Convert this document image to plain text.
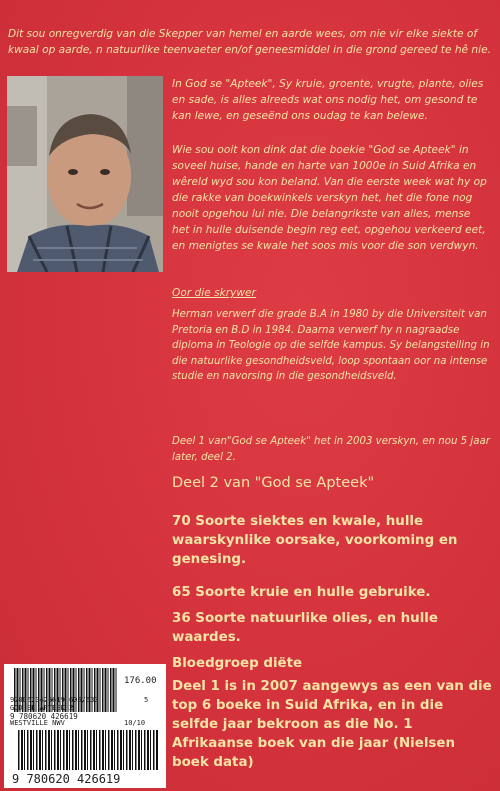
Dit sou onregverdig van die Skepper van hemel en aarde wees, om nie vir elke siekte of kwaal op aarde, n natuurlike teenvaeter en/of geneesmiddel in die grond gereed te hê nie.
In God se "Apteek", Sy kruie, groente, vrugte, plante, olies en sade, is alles alreeds wat ons nodig het, om gesond te kan lewe, en geseënd ons oudag te kan belewe.
Wie sou ooit kon dink dat die boekie "God se Apteek" in soveel huise, hande en harte van 1000e in Suid Afrika en wêreld wyd sou kon beland. Van die eerste week wat hy op die rakke van boekwinkels verskyn het, het die fone nog nooit opgehou lui nie. Die belangrikste van alles, mense het in hulle duisende begin reg eet, opgehou verkeerd eet, en menigtes se kwale het soos mis voor die son verdwyn.
Oor die skrywer
Herman verwerf die grade B.A in 1980 by die Universiteit van Pretoria en B.D in 1984. Daarna verwerf hy n nagraadse diploma in Teologie op die selfde kampus. Sy belangstelling in die natuurlike gesondheidsveld, loop spontaan oor na intense studie en navorsing in die gesondheidsveld.
Deel 1 van"God se Apteek" het in 2003 verskyn, en nou 5 jaar later, deel 2.
Deel 2 van "God se Apteek"
70 Soorte siektes en kwale, hulle waarskynlike oorsake, voorkoming en genesing.
65 Soorte kruie en hulle gebruike.
36 Soorte natuurlike olies, en hulle waardes.
Bloedgroep diëte
Deel 1 is in 2007 aangewys as een van die top 6 boeke in Suid Afrika, en in die selfde jaar bekroon as die No. 1 Afrikaanse boek van die jaar (Nielsen boek data)
9 780620 426619
176.00
9780620426619 605/530	5
GOD SE APTEEK 2
WESTVILLE NWV	10/10
9 780620 426619
